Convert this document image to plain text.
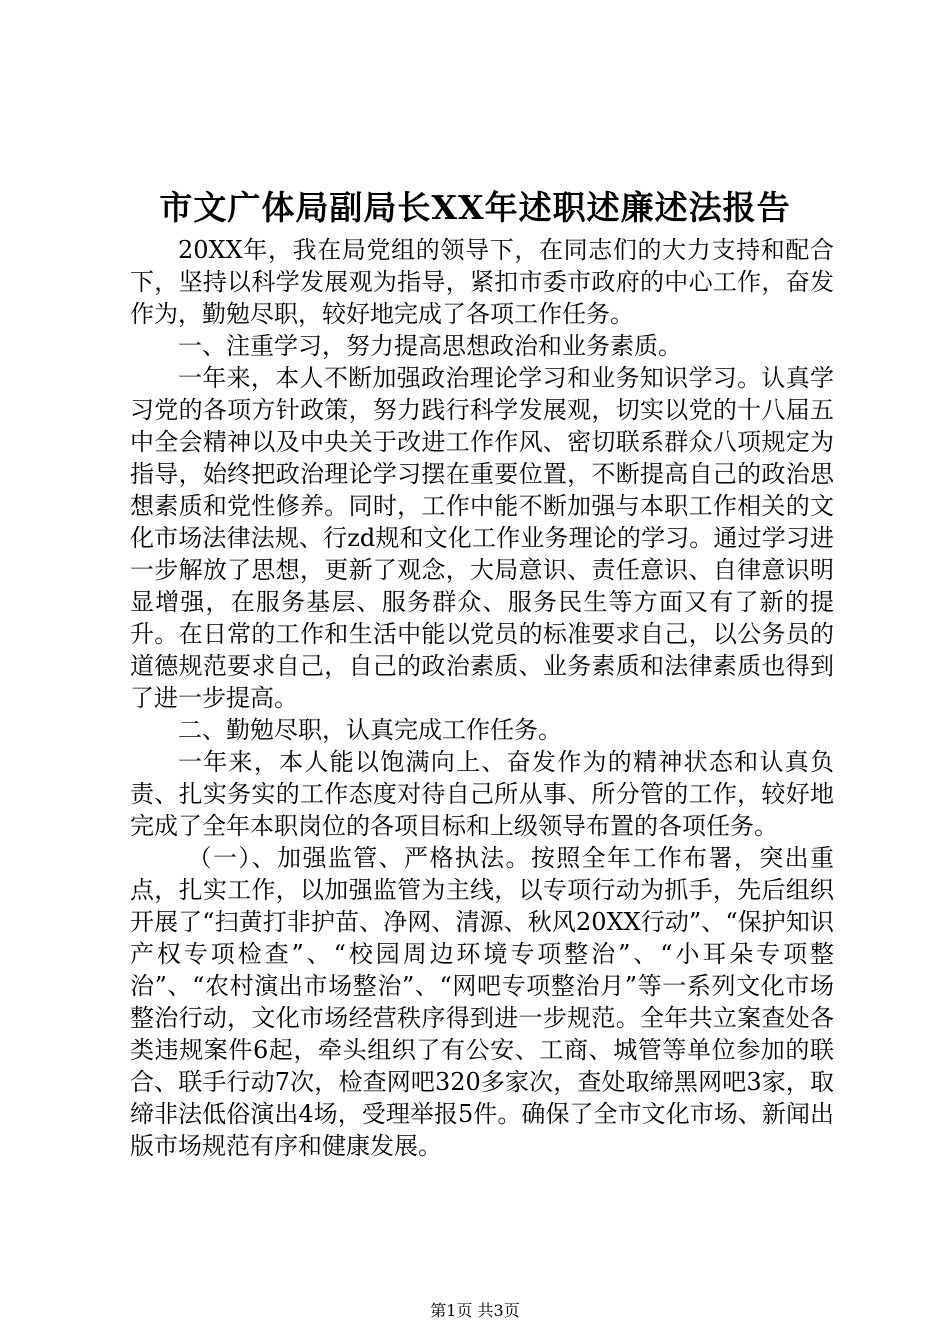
市文广体局副局长XX年述职述廉述法报告

20XX年，我在局党组的领导下，在同志们的大力支持和配合下，坚持以科学发展观为指导，紧扣市委市政府的中心工作，奋发作为，勤勉尽职，较好地完成了各项工作任务。

一、注重学习，努力提高思想政治和业务素质。

一年来，本人不断加强政治理论学习和业务知识学习。认真学习党的各项方针政策，努力践行科学发展观，切实以党的十八届五中全会精神以及中央关于改进工作作风、密切联系群众八项规定为指导，始终把政治理论学习摆在重要位置，不断提高自己的政治思想素质和党性修养。同时，工作中能不断加强与本职工作相关的文化市场法律法规、行zd规和文化工作业务理论的学习。通过学习进一步解放了思想，更新了观念，大局意识、责任意识、自律意识明显增强，在服务基层、服务群众、服务民生等方面又有了新的提升。在日常的工作和生活中能以党员的标准要求自己，以公务员的道德规范要求自己，自己的政治素质、业务素质和法律素质也得到了进一步提高。

二、勤勉尽职，认真完成工作任务。

一年来，本人能以饱满向上、奋发作为的精神状态和认真负责、扎实务实的工作态度对待自己所从事、所分管的工作，较好地完成了全年本职岗位的各项目标和上级领导布置的各项任务。

（一）、加强监管、严格执法。按照全年工作布署，突出重点，扎实工作，以加强监管为主线，以专项行动为抓手，先后组织开展了“扫黄打非护苗、净网、清源、秋风20XX行动”、“保护知识产权专项检查”、“校园周边环境专项整治”、“小耳朵专项整治”、“农村演出市场整治”、“网吧专项整治月”等一系列文化市场整治行动，文化市场经营秩序得到进一步规范。全年共立案查处各类违规案件6起，牵头组织了有公安、工商、城管等单位参加的联合、联手行动7次，检查网吧320多家次，查处取缔黑网吧3家，取缔非法低俗演出4场，受理举报5件。确保了全市文化市场、新闻出版市场规范有序和健康发展。

第1页 共3页
